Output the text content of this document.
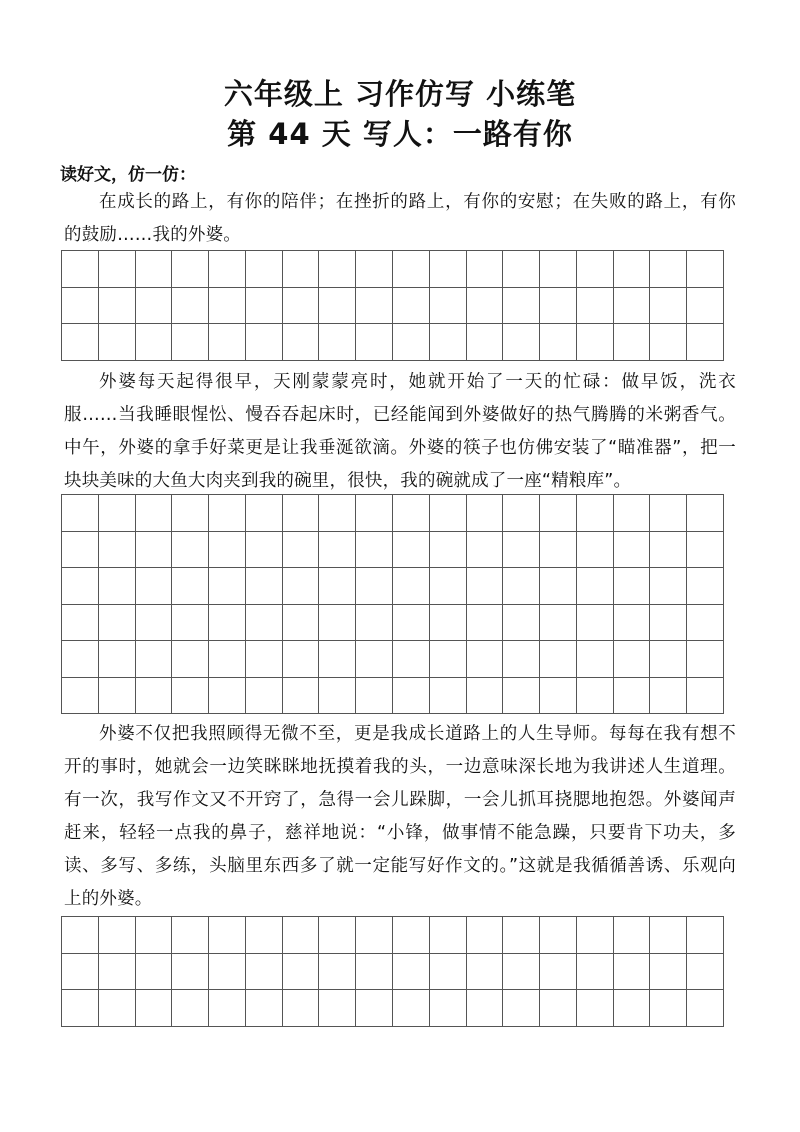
六年级上 习作仿写 小练笔
第 44 天 写人：一路有你

读好文，仿一仿：

在成长的路上，有你的陪伴；在挫折的路上，有你的安慰；在失败的路上，有你的鼓励……我的外婆。

外婆每天起得很早，天刚蒙蒙亮时，她就开始了一天的忙碌：做早饭，洗衣服……当我睡眼惺忪、慢吞吞起床时，已经能闻到外婆做好的热气腾腾的米粥香气。中午，外婆的拿手好菜更是让我垂涎欲滴。外婆的筷子也仿佛安装了“瞄准器”，把一块块美味的大鱼大肉夹到我的碗里，很快，我的碗就成了一座“精粮库”。

外婆不仅把我照顾得无微不至，更是我成长道路上的人生导师。每每在我有想不开的事时，她就会一边笑眯眯地抚摸着我的头，一边意味深长地为我讲述人生道理。有一次，我写作文又不开窍了，急得一会儿跺脚，一会儿抓耳挠腮地抱怨。外婆闻声赶来，轻轻一点我的鼻子，慈祥地说：“小锋，做事情不能急躁，只要肯下功夫，多读、多写、多练，头脑里东西多了就一定能写好作文的。”这就是我循循善诱、乐观向上的外婆。
